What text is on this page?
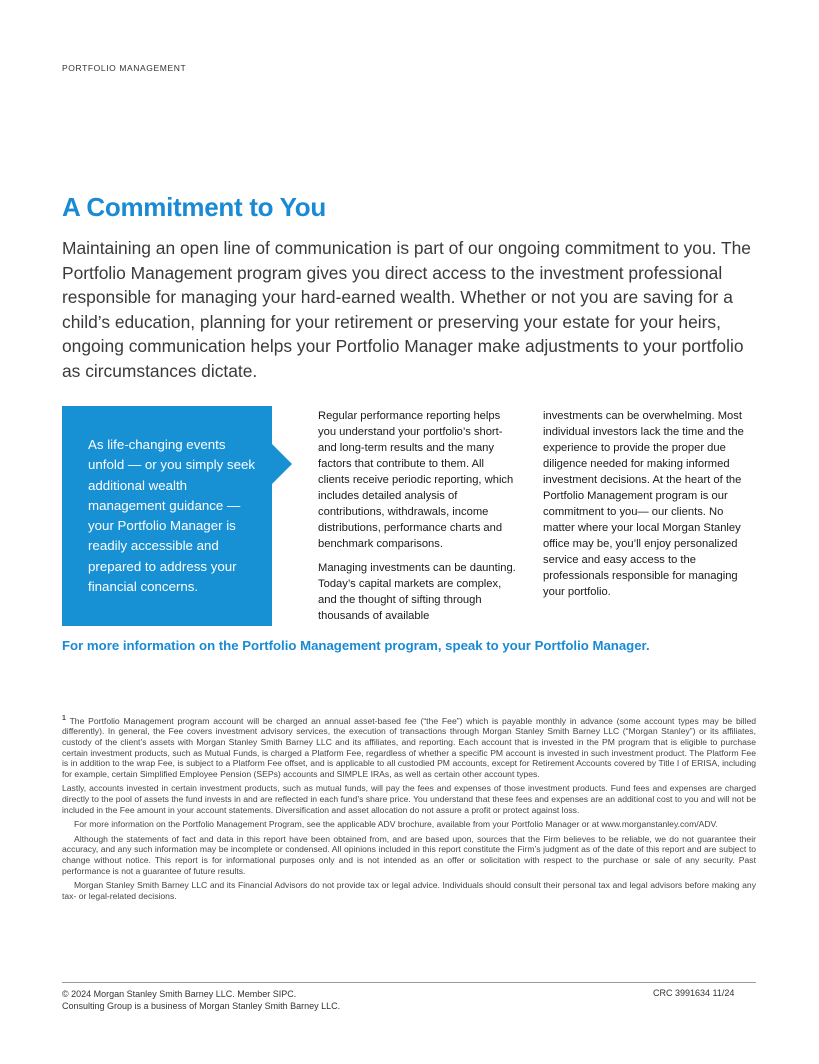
PORTFOLIO MANAGEMENT
A Commitment to You

Maintaining an open line of communication is part of our ongoing commitment to you. The Portfolio Management program gives you direct access to the investment professional responsible for managing your hard-earned wealth. Whether or not you are saving for a child’s education, planning for your retirement or preserving your estate for your heirs, ongoing communication helps your Portfolio Manager make adjustments to your portfolio as circumstances dictate.

As life-changing events unfold — or you simply seek additional wealth management guidance — your Portfolio Manager is readily accessible and prepared to address your financial concerns.

Regular performance reporting helps you understand your portfolio’s short- and long-term results and the many factors that contribute to them. All clients receive periodic reporting, which includes detailed analysis of contributions, withdrawals, income distributions, performance charts and benchmark comparisons.

Managing investments can be daunting. Today’s capital markets are complex, and the thought of sifting through thousands of available

investments can be overwhelming. Most individual investors lack the time and the experience to provide the proper due diligence needed for making informed investment decisions. At the heart of the Portfolio Management program is our commitment to you— our clients. No matter where your local Morgan Stanley office may be, you’ll enjoy personalized service and easy access to the professionals responsible for managing your portfolio.

For more information on the Portfolio Management program, speak to your Portfolio Manager.

$^1$ The Portfolio Management program account will be charged an annual asset-based fee (“the Fee”) which is payable monthly in advance (some account types may be billed differently). In general, the Fee covers investment advisory services, the execution of transactions through Morgan Stanley Smith Barney LLC (“Morgan Stanley”) or its affiliates, custody of the client’s assets with Morgan Stanley Smith Barney LLC and its affiliates, and reporting. Each account that is invested in the PM program that is eligible to purchase certain investment products, such as Mutual Funds, is charged a Platform Fee, regardless of whether a specific PM account is invested in such investment product. The Platform Fee is in addition to the wrap Fee, is subject to a Platform Fee offset, and is applicable to all custodied PM accounts, except for Retirement Accounts covered by Title I of ERISA, including for example, certain Simplified Employee Pension (SEPs) accounts and SIMPLE IRAs, as well as certain other account types.

Lastly, accounts invested in certain investment products, such as mutual funds, will pay the fees and expenses of those investment products. Fund fees and expenses are charged directly to the pool of assets the fund invests in and are reflected in each fund’s share price. You understand that these fees and expenses are an additional cost to you and will not be included in the Fee amount in your account statements. Diversification and asset allocation do not assure a profit or protect against loss.

For more information on the Portfolio Management Program, see the applicable ADV brochure, available from your Portfolio Manager or at www.morganstanley.com/ADV.

Although the statements of fact and data in this report have been obtained from, and are based upon, sources that the Firm believes to be reliable, we do not guarantee their accuracy, and any such information may be incomplete or condensed. All opinions included in this report constitute the Firm’s judgment as of the date of this report and are subject to change without notice. This report is for informational purposes only and is not intended as an offer or solicitation with respect to the purchase or sale of any security. Past performance is not a guarantee of future results.

Morgan Stanley Smith Barney LLC and its Financial Advisors do not provide tax or legal advice. Individuals should consult their personal tax and legal advisors before making any tax- or legal-related decisions.

© 2024 Morgan Stanley Smith Barney LLC. Member SIPC.
Consulting Group is a business of Morgan Stanley Smith Barney LLC.
CRC 3991634 11/24
